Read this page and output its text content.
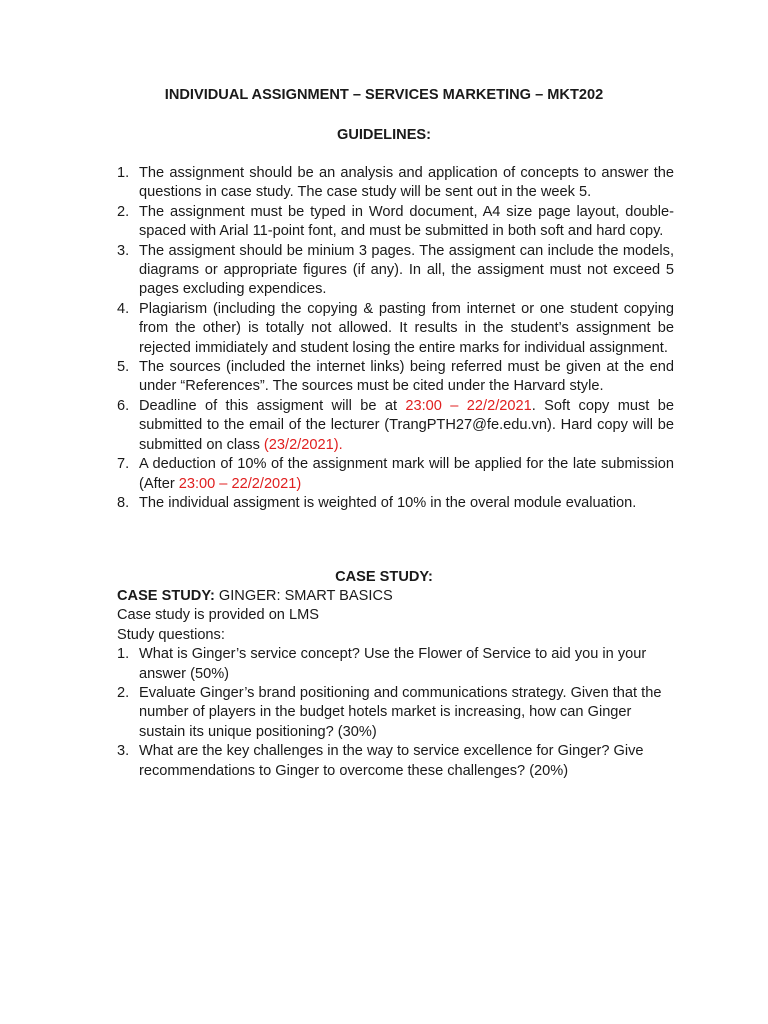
INDIVIDUAL ASSIGNMENT – SERVICES MARKETING – MKT202
GUIDELINES:
1. The assignment should be an analysis and application of concepts to answer the questions in case study. The case study will be sent out in the week 5.
2. The assignment must be typed in Word document, A4 size page layout, double-spaced with Arial 11-point font, and must be submitted in both soft and hard copy.
3. The assigment should be minium 3 pages. The assigment can include the models, diagrams or appropriate figures (if any). In all, the assigment must not exceed 5 pages excluding expendices.
4. Plagiarism (including the copying & pasting from internet or one student copying from the other) is totally not allowed. It results in the student’s assignment be rejected immidiately and student losing the entire marks for individual assignment.
5. The sources (included the internet links) being referred must be given at the end under “References”. The sources must be cited under the Harvard style.
6. Deadline of this assigment will be at 23:00 – 22/2/2021. Soft copy must be submitted to the email of the lecturer (TrangPTH27@fe.edu.vn). Hard copy will be submitted on class (23/2/2021).
7. A deduction of 10% of the assignment mark will be applied for the late submission (After 23:00 – 22/2/2021)
8. The individual assigment is weighted of 10% in the overal module evaluation.
CASE STUDY:
CASE STUDY: GINGER: SMART BASICS
Case study is provided on LMS
Study questions:
1. What is Ginger’s service concept? Use the Flower of Service to aid you in your answer (50%)
2. Evaluate Ginger’s brand positioning and communications strategy. Given that the number of players in the budget hotels market is increasing, how can Ginger sustain its unique positioning? (30%)
3. What are the key challenges in the way to service excellence for Ginger? Give recommendations to Ginger to overcome these challenges? (20%)
